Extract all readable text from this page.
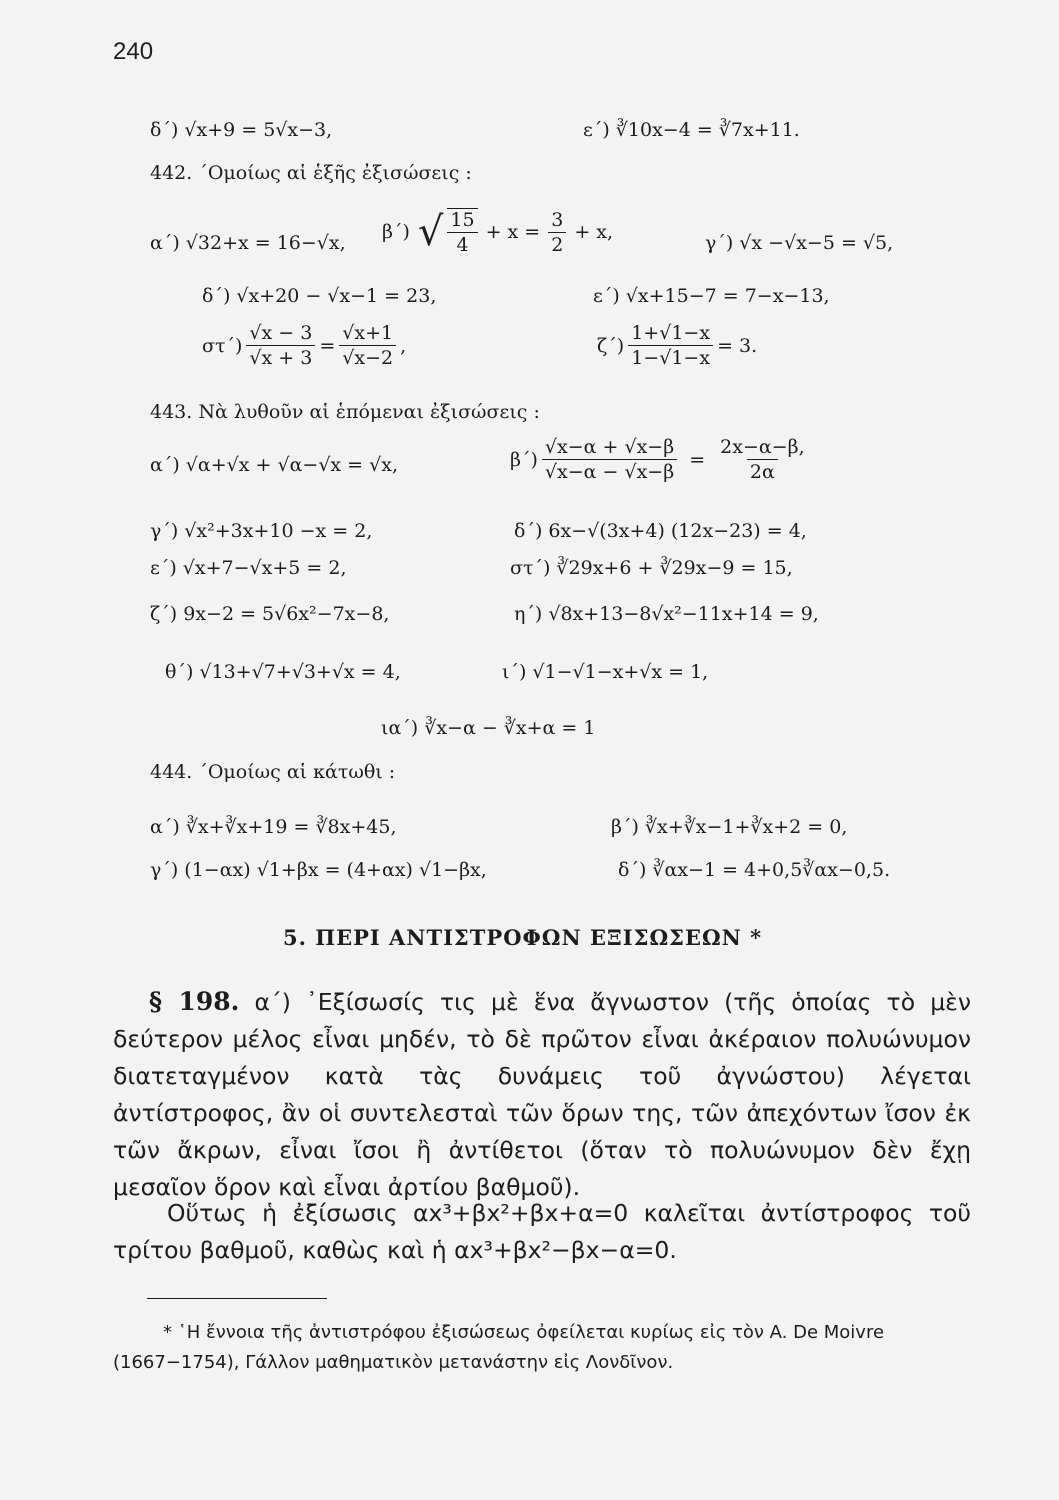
240
δ΄) √x+9 = 5√x−3,	ε΄) ∛10x−4 = ∛7x+11.
442. ΄Ομοίως αἱ ἑξῆς ἐξισώσεις :
α΄) √32+x = 16−√x, β΄) √ $\frac{15}{4} + x = \frac{3}{2} + x$,	γ΄) √x −√x−5 = √5,
δ΄) √x+20 − √x−1 = 23,	ε΄) √x+15−7 = 7−x−13,
$\sigma\tau΄) \frac{√x - 3}{√x + 3} = \frac{√x+1}{√x-2}$ ,	$\zeta΄) \frac{1+√1-x}{1-√1-x} = 3$.
443. Νὰ λυθοῦν αἱ ἑπόμεναι ἐξισώσεις :
α΄) √α+√x + √α−√x = √x,	$\beta΄) \frac{√x-\alpha + √x-\beta}{√x-\alpha - √x-\beta} = \frac{2x-\alpha-\beta,}{2\alpha}$
γ΄) √x²+3x+10 −x = 2,	δ΄) 6x−√(3x+4) (12x−23) = 4,
ε΄) √x+7−√x+5 = 2,	στ΄) ∛29x+6 + ∛29x−9 = 15,
ζ΄) 9x−2 = 5√6x²−7x−8,	η΄) √8x+13−8√x²−11x+14 = 9,
θ΄) √13+√7+√3+√x = 4,	ι΄) √1−√1−x+√x = 1,
ια΄) ∛x−α − ∛x+α = 1
444. ΄Ομοίως αἱ κάτωθι :
α΄) ∛x+∛x+19 = ∛8x+45,	β΄) ∛x+∛x−1+∛x+2 = 0,
γ΄) (1−αx) √1+βx = (4+αx) √1−βx,	δ΄) ∛αx−1 = 4+0,5∛αx−0,5.
5. ΠΕΡΙ ΑΝΤΙΣΤΡΟΦΩΝ ΕΞΙΣΩΣΕΩΝ *
§ 198. α΄) ᾿Εξίσωσίς τις μὲ ἕνα ἄγνωστον (τῆς ὁποίας τὸ μὲν δεύτερον μέλος εἶναι μηδέν, τὸ δὲ πρῶτον εἶναι ἀκέραιον πολυώνυμον διατεταγμένον κατὰ τὰς δυνάμεις τοῦ ἀγνώστου) λέγεται ἀντίστροφος, ἂν οἱ συντελεσταὶ τῶν ὅρων της, τῶν ἀπεχόντων ἴσον ἐκ τῶν ἄκρων, εἶναι ἴσοι ἢ ἀντίθετοι (ὅταν τὸ πολυώνυμον δὲν ἔχῃ μεσαῖον ὅρον καὶ εἶναι ἀρτίου βαθμοῦ).
Οὕτως ἡ ἐξίσωσις αx³+βx²+βx+α=0 καλεῖται ἀντίστροφος τοῦ τρίτου βαθμοῦ, καθὼς καὶ ἡ αx³+βx²−βx−α=0.
* ῾Η ἔννοια τῆς ἀντιστρόφου ἐξισώσεως ὀφείλεται κυρίως εἰς τὸν A. De Moivre (1667−1754), Γάλλον μαθηματικὸν μετανάστην εἰς Λονδῖνον.
